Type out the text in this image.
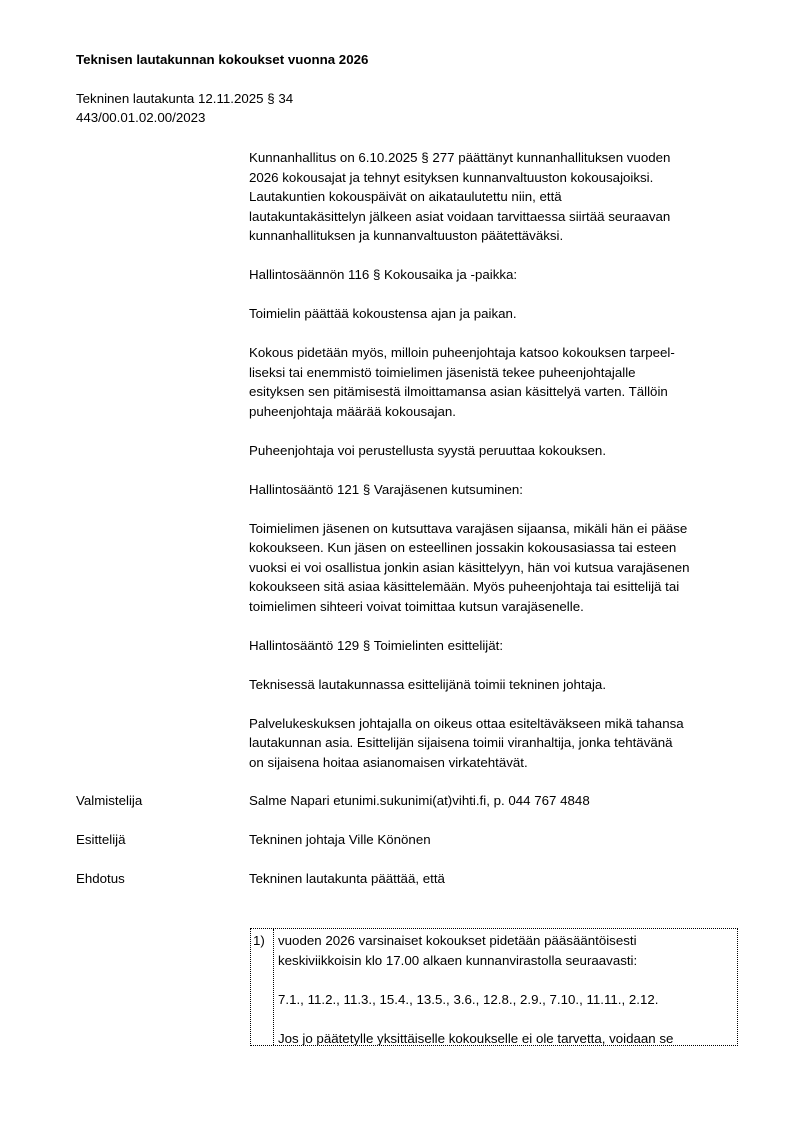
Teknisen lautakunnan kokoukset vuonna 2026
Tekninen lautakunta 12.11.2025 § 34
443/00.01.02.00/2023
Kunnanhallitus on 6.10.2025 § 277 päättänyt kunnanhallituksen vuoden
2026 kokousajat ja tehnyt esityksen kunnanvaltuuston kokousajoiksi.
Lautakuntien kokouspäivät on aikataulutettu niin, että
lautakuntakäsittelyn jälkeen asiat voidaan tarvittaessa siirtää seuraavan
kunnanhallituksen ja kunnanvaltuuston päätettäväksi.
Hallintosäännön 116 § Kokousaika ja -paikka:
Toimielin päättää kokoustensa ajan ja paikan.
Kokous pidetään myös, milloin puheenjohtaja katsoo kokouksen tarpeel-
liseksi tai enemmistö toimielimen jäsenistä tekee puheenjohtajalle
esityksen sen pitämisestä ilmoittamansa asian käsittelyä varten. Tällöin
puheenjohtaja määrää kokousajan.
Puheenjohtaja voi perustellusta syystä peruuttaa kokouksen.
Hallintosääntö 121 § Varajäsenen kutsuminen:
Toimielimen jäsenen on kutsuttava varajäsen sijaansa, mikäli hän ei pääse
kokoukseen. Kun jäsen on esteellinen jossakin kokousasiassa tai esteen
vuoksi ei voi osallistua jonkin asian käsittelyyn, hän voi kutsua varajäsenen
kokoukseen sitä asiaa käsittelemään. Myös puheenjohtaja tai esittelijä tai
toimielimen sihteeri voivat toimittaa kutsun varajäsenelle.
Hallintosääntö 129 § Toimielinten esittelijät:
Teknisessä lautakunnassa esittelijänä toimii tekninen johtaja.
Palvelukeskuksen johtajalla on oikeus ottaa esiteltäväkseen mikä tahansa
lautakunnan asia. Esittelijän sijaisena toimii viranhaltija, jonka tehtävänä
on sijaisena hoitaa asianomaisen virkatehtävät.
Valmistelija	Salme Napari etunimi.sukunimi(at)vihti.fi, p. 044 767 4848
Esittelijä	Tekninen johtaja Ville Könönen
Ehdotus	Tekninen lautakunta päättää, että
1) vuoden 2026 varsinaiset kokoukset pidetään pääsääntöisesti
keskiviikkoisin klo 17.00 alkaen kunnanvirastolla seuraavasti:
7.1., 11.2., 11.3., 15.4., 13.5., 3.6., 12.8., 2.9., 7.10., 11.11., 2.12.
Jos jo päätetylle yksittäiselle kokoukselle ei ole tarvetta, voidaan se
